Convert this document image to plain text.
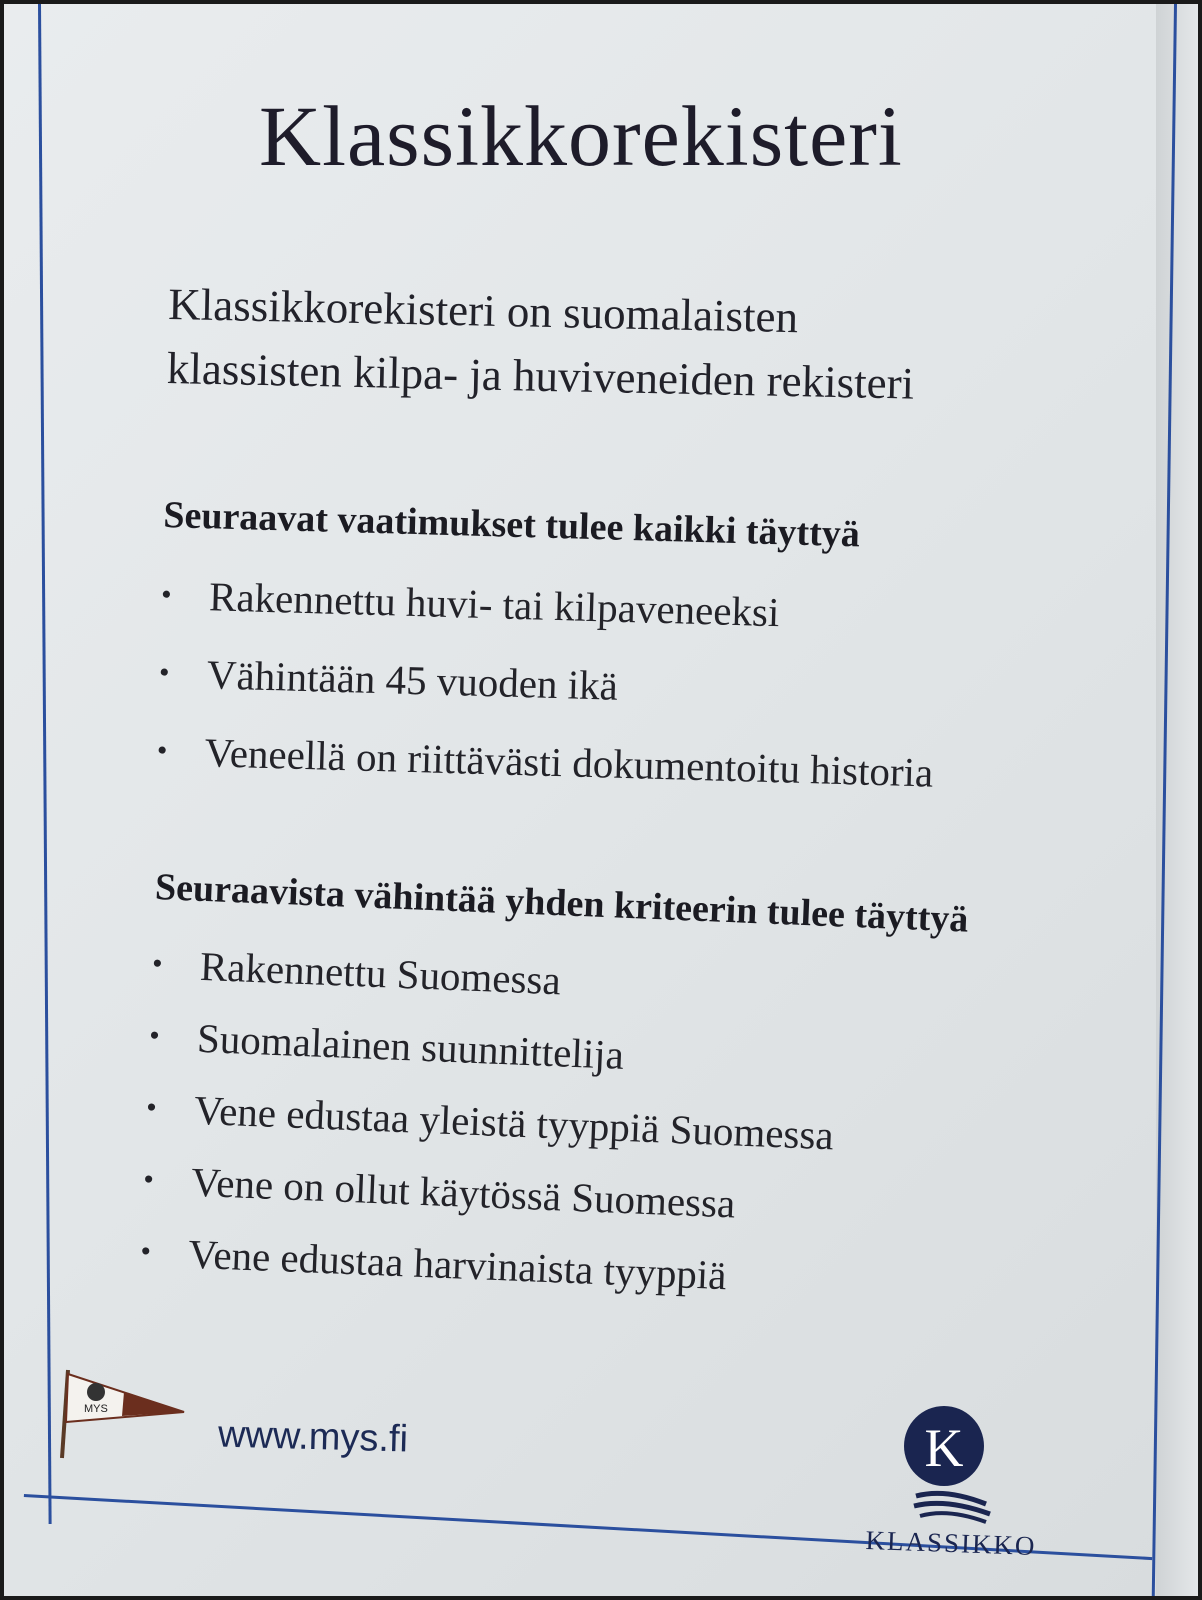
Klassikkorekisteri
Klassikkorekisteri on suomalaisten
klassisten kilpa- ja huviveneiden rekisteri

Seuraavat vaatimukset tulee kaikki täyttyä

• Rakennettu huvi- tai kilpaveneeksi
• Vähintään 45 vuoden ikä
• Veneellä on riittävästi dokumentoitu historia

Seuraavista vähintää yhden kriteerin tulee täyttyä

• Rakennettu Suomessa
• Suomalainen suunnittelija
• Vene edustaa yleistä tyyppiä Suomessa
• Vene on ollut käytössä Suomessa
• Vene edustaa harvinaista tyyppiä
MYS
www.mys.fi	K
KLASSIKKO
